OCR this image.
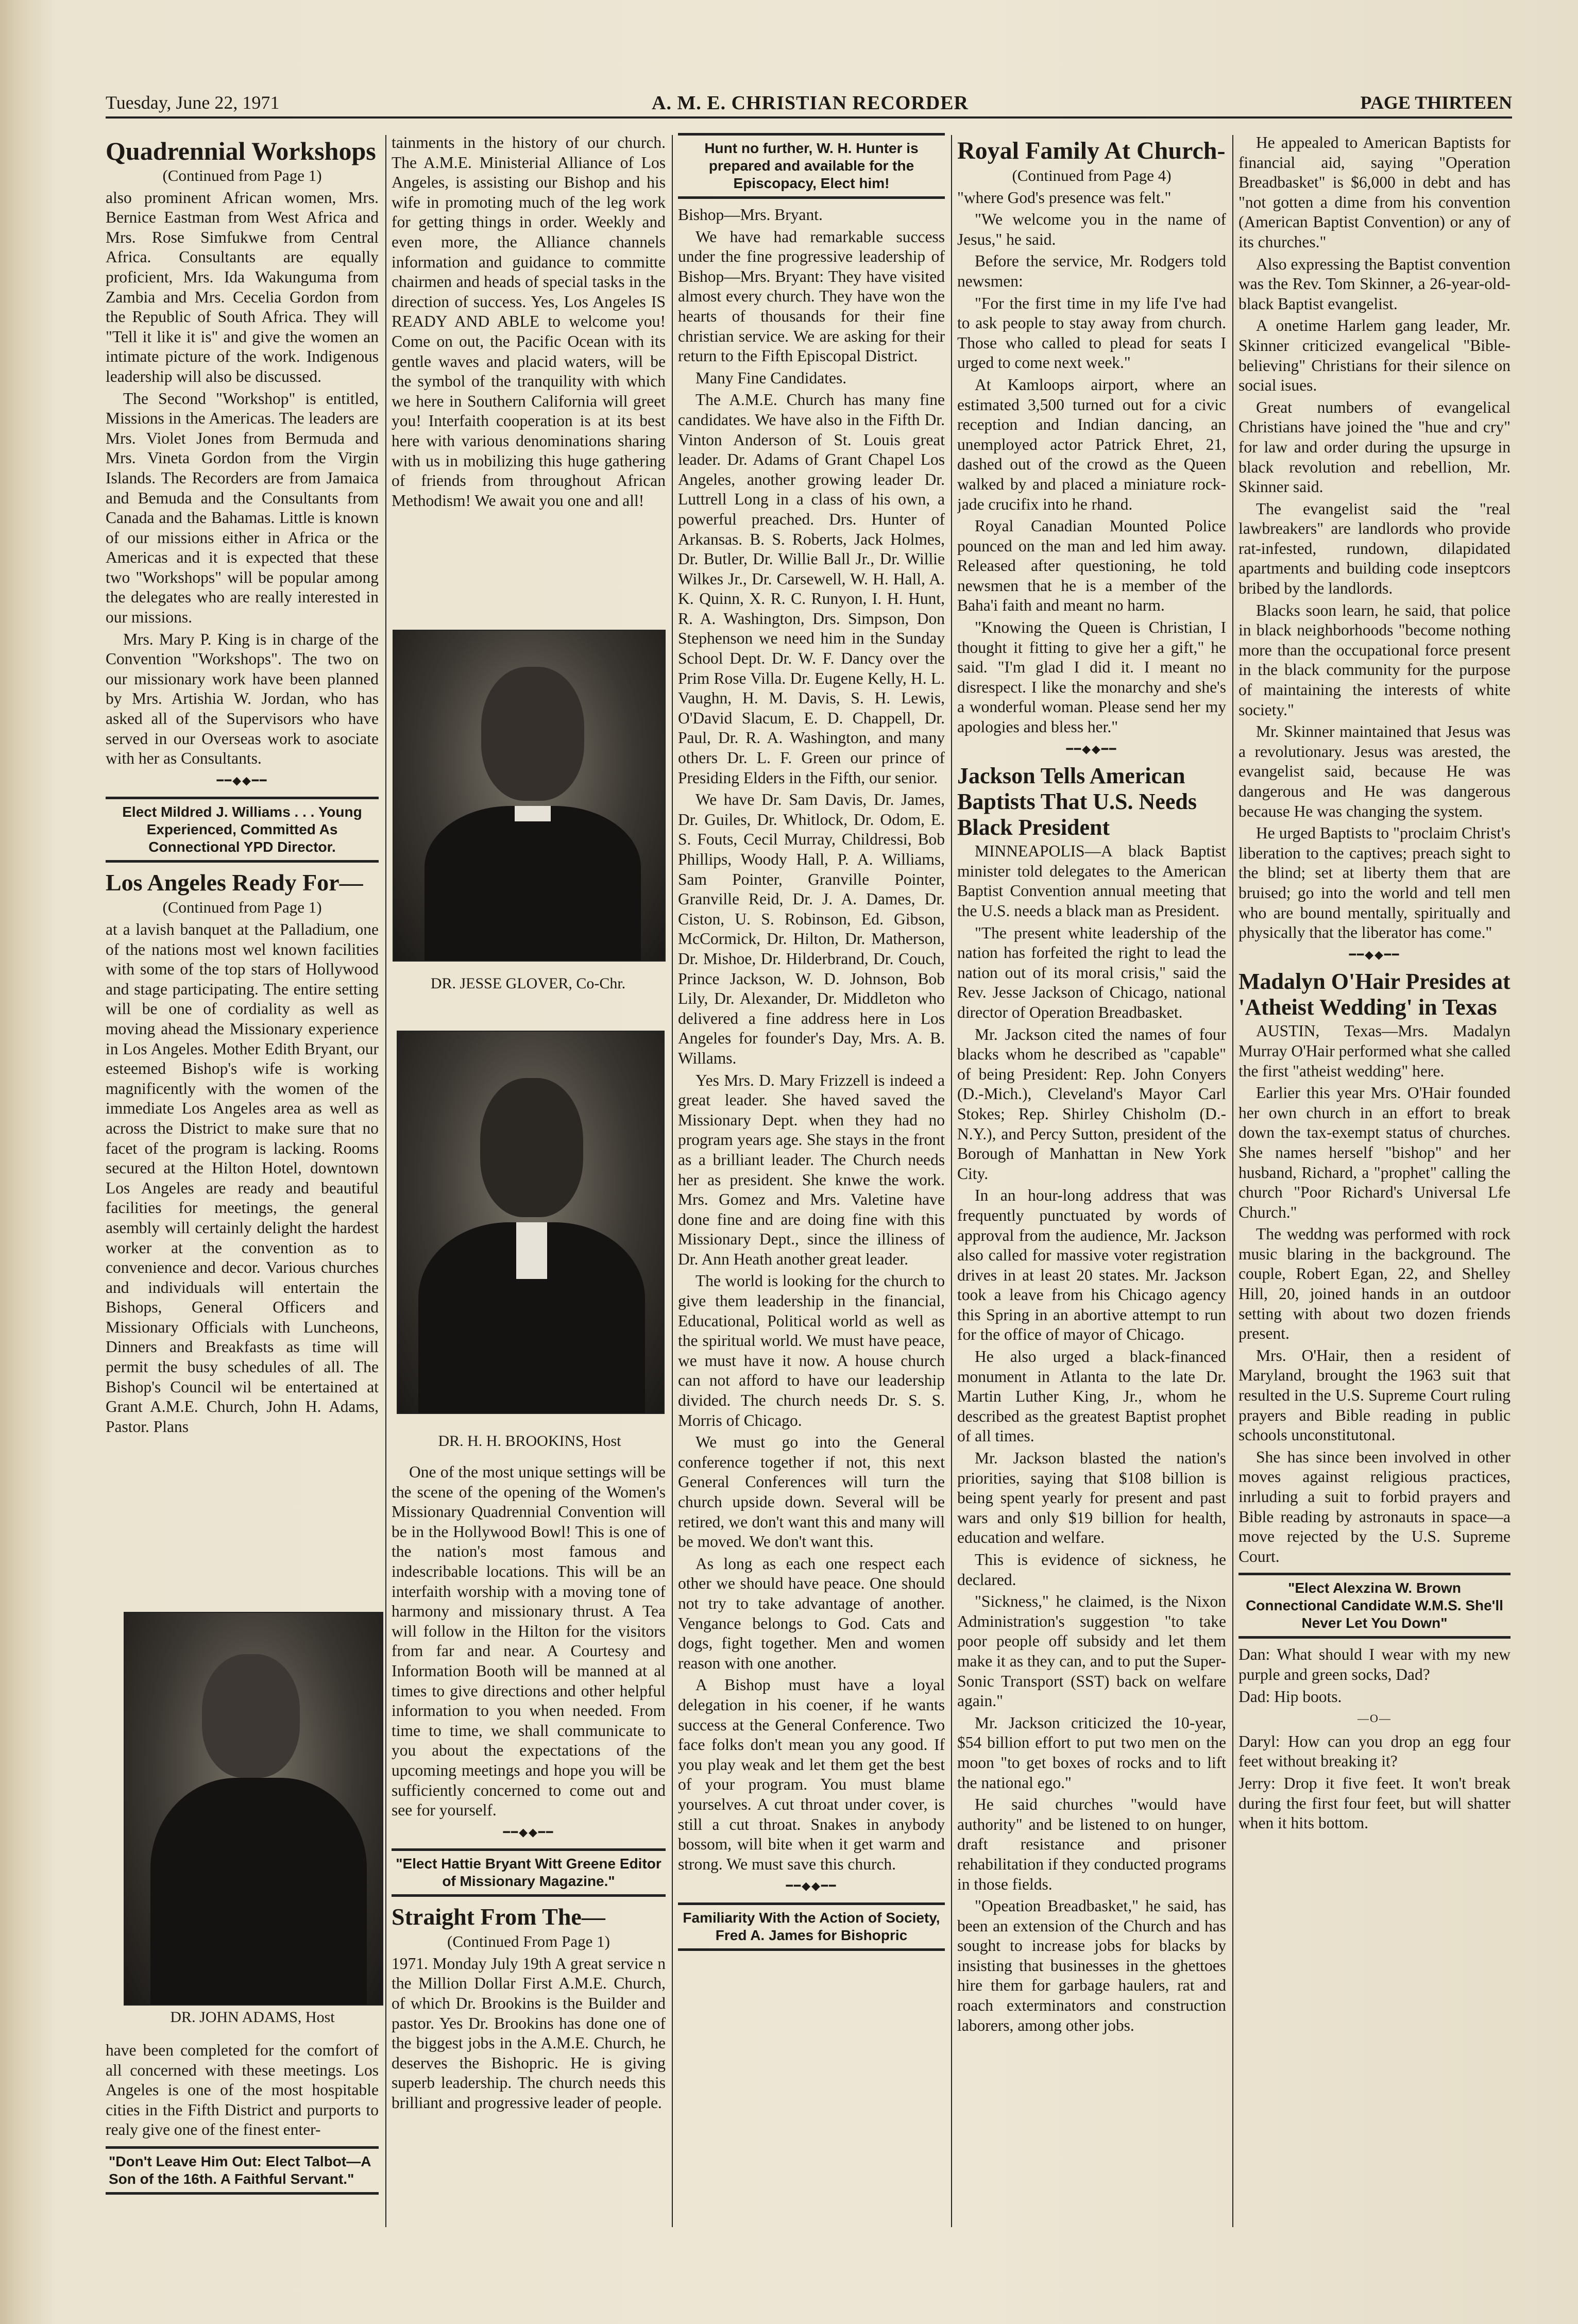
Tuesday, June 22, 1971	A. M. E. CHRISTIAN RECORDER	PAGE THIRTEEN
Quadrennial Workshops
(Continued from Page 1)

also prominent African women, Mrs. Bernice Eastman from West Africa and Mrs. Rose Simfukwe from Central Africa. Consultants are equally proficient, Mrs. Ida Wakunguma from Zambia and Mrs. Cecelia Gordon from the Republic of South Africa. They will "Tell it like it is" and give the women an intimate picture of the work. Indigenous leadership will also be discussed.

The Second "Workshop" is entitled, Missions in the Americas. The leaders are Mrs. Violet Jones from Bermuda and Mrs. Vineta Gordon from the Virgin Islands. The Recorders are from Jamaica and Bemuda and the Consultants from Canada and the Bahamas. Little is known of our missions either in Africa or the Americas and it is expected that these two "Workshops" will be popular among the delegates who are really interested in our missions.

Mrs. Mary P. King is in charge of the Convention "Workshops". The two on our missionary work have been planned by Mrs. Artishia W. Jordan, who has asked all of the Supervisors who have served in our Overseas work to asociate with her as Consultants.

━━◆◆━━
Elect Mildred J. Williams . . . Young Experienced, Committed As Connectional YPD Director.
Los Angeles Ready For—
(Continued from Page 1)

at a lavish banquet at the Palladium, one of the nations most wel known facilities with some of the top stars of Hollywood and stage participating. The entire setting will be one of cordiality as well as moving ahead the Missionary experience in Los Angeles. Mother Edith Bryant, our esteemed Bishop's wife is working magnificently with the women of the immediate Los Angeles area as well as across the District to make sure that no facet of the program is lacking. Rooms secured at the Hilton Hotel, downtown Los Angeles are ready and beautiful facilities for meetings, the general asembly will certainly delight the hardest worker at the convention as to convenience and decor. Various churches and individuals will entertain the Bishops, General Officers and Missionary Officials with Luncheons, Dinners and Breakfasts as time will permit the busy schedules of all. The Bishop's Council wil be entertained at Grant A.M.E. Church, John H. Adams, Pastor. Plans

DR. JOHN ADAMS, Host

have been completed for the comfort of all concerned with these meetings. Los Angeles is one of the most hospitable cities in the Fifth District and purports to realy give one of the finest enter-

"Don't Leave Him Out: Elect Talbot—A Son of the 16th. A Faithful Servant."

tainments in the history of our church. The A.M.E. Ministerial Alliance of Los Angeles, is assisting our Bishop and his wife in promoting much of the leg work for getting things in order. Weekly and even more, the Alliance channels information and guidance to committe chairmen and heads of special tasks in the direction of success. Yes, Los Angeles IS READY AND ABLE to welcome you! Come on out, the Pacific Ocean with its gentle waves and placid waters, will be the symbol of the tranquility with which we here in Southern California will greet you! Interfaith cooperation is at its best here with various denominations sharing with us in mobilizing this huge gathering of friends from throughout African Methodism! We await you one and all!

DR. JESSE GLOVER, Co-Chr.
DR. H. H. BROOKINS, Host

One of the most unique settings will be the scene of the opening of the Women's Missionary Quadrennial Convention will be in the Hollywood Bowl! This is one of the nation's most famous and indescribable locations. This will be an interfaith worship with a moving tone of harmony and missionary thrust. A Tea will follow in the Hilton for the visitors from far and near. A Courtesy and Information Booth will be manned at al times to give directions and other helpful information to you when needed. From time to time, we shall communicate to you about the expectations of the upcoming meetings and hope you will be sufficiently concerned to come out and see for yourself.

━━◆◆━━
"Elect Hattie Bryant Witt Greene Editor of Missionary Magazine."
Straight From The—
(Continued From Page 1)

1971. Monday July 19th A great service n the Million Dollar First A.M.E. Church, of which Dr. Brookins is the Builder and pastor. Yes Dr. Brookins has done one of the biggest jobs in the A.M.E. Church, he deserves the Bishopric. He is giving superb leadership. The church needs this brilliant and progressive leader of people.

Hunt no further, W. H. Hunter is prepared and available for the Episcopacy, Elect him!

Bishop—Mrs. Bryant.

We have had remarkable success under the fine progressive leadership of Bishop—Mrs. Bryant: They have visited almost every church. They have won the hearts of thousands for their fine christian service. We are asking for their return to the Fifth Episcopal District.

Many Fine Candidates.

The A.M.E. Church has many fine candidates. We have also in the Fifth Dr. Vinton Anderson of St. Louis great leader. Dr. Adams of Grant Chapel Los Angeles, another growing leader Dr. Luttrell Long in a class of his own, a powerful preached. Drs. Hunter of Arkansas. B. S. Roberts, Jack Holmes, Dr. Butler, Dr. Willie Ball Jr., Dr. Willie Wilkes Jr., Dr. Carsewell, W. H. Hall, A. K. Quinn, X. R. C. Runyon, I. H. Hunt, R. A. Washington, Drs. Simpson, Don Stephenson we need him in the Sunday School Dept. Dr. W. F. Dancy over the Prim Rose Villa. Dr. Eugene Kelly, H. L. Vaughn, H. M. Davis, S. H. Lewis, O'David Slacum, E. D. Chappell, Dr. Paul, Dr. R. A. Washington, and many others Dr. L. F. Green our prince of Presiding Elders in the Fifth, our senior.

We have Dr. Sam Davis, Dr. James, Dr. Guiles, Dr. Whitlock, Dr. Odom, E. S. Fouts, Cecil Murray, Childressi, Bob Phillips, Woody Hall, P. A. Williams, Sam Pointer, Granville Pointer, Granville Reid, Dr. J. A. Dames, Dr. Ciston, U. S. Robinson, Ed. Gibson, McCormick, Dr. Hilton, Dr. Matherson, Dr. Mishoe, Dr. Hilderbrand, Dr. Couch, Prince Jackson, W. D. Johnson, Bob Lily, Dr. Alexander, Dr. Middleton who delivered a fine address here in Los Angeles for founder's Day, Mrs. A. B. Willams.

Yes Mrs. D. Mary Frizzell is indeed a great leader. She haved saved the Missionary Dept. when they had no program years age. She stays in the front as a brilliant leader. The Church needs her as president. She knwe the work. Mrs. Gomez and Mrs. Valetine have done fine and are doing fine with this Missionary Dept., since the illiness of Dr. Ann Heath another great leader.

The world is looking for the church to give them leadership in the financial, Educational, Political world as well as the spiritual world. We must have peace, we must have it now. A house church can not afford to have our leadership divided. The church needs Dr. S. S. Morris of Chicago.

We must go into the General conference together if not, this next General Conferences will turn the church upside down. Several will be retired, we don't want this and many will be moved. We don't want this.

As long as each one respect each other we should have peace. One should not try to take advantage of another. Vengance belongs to God. Cats and dogs, fight together. Men and women reason with one another.

A Bishop must have a loyal delegation in his coener, if he wants success at the General Conference. Two face folks don't mean you any good. If you play weak and let them get the best of your program. You must blame yourselves. A cut throat under cover, is still a cut throat. Snakes in anybody bossom, will bite when it get warm and strong. We must save this church.

━━◆◆━━
Familiarity With the Action of Society, Fred A. James for Bishopric
Royal Family At Church-
(Continued from Page 4)

"where God's presence was felt."

"We welcome you in the name of Jesus," he said.

Before the service, Mr. Rodgers told newsmen:

"For the first time in my life I've had to ask people to stay away from church. Those who called to plead for seats I urged to come next week."

At Kamloops airport, where an estimated 3,500 turned out for a civic reception and Indian dancing, an unemployed actor Patrick Ehret, 21, dashed out of the crowd as the Queen walked by and placed a miniature rock-jade crucifix into he rhand.

Royal Canadian Mounted Police pounced on the man and led him away. Released after questioning, he told newsmen that he is a member of the Baha'i faith and meant no harm.

"Knowing the Queen is Christian, I thought it fitting to give her a gift," he said. "I'm glad I did it. I meant no disrespect. I like the monarchy and she's a wonderful woman. Please send her my apologies and bless her."

━━◆◆━━
Jackson Tells American Baptists That U.S. Needs Black President

MINNEAPOLIS—A black Baptist minister told delegates to the American Baptist Convention annual meeting that the U.S. needs a black man as President.

"The present white leadership of the nation has forfeited the right to lead the nation out of its moral crisis," said the Rev. Jesse Jackson of Chicago, national director of Operation Breadbasket.

Mr. Jackson cited the names of four blacks whom he described as "capable" of being President: Rep. John Conyers (D.-Mich.), Cleveland's Mayor Carl Stokes; Rep. Shirley Chisholm (D.-N.Y.), and Percy Sutton, president of the Borough of Manhattan in New York City.

In an hour-long address that was frequently punctuated by words of approval from the audience, Mr. Jackson also called for massive voter registration drives in at least 20 states. Mr. Jackson took a leave from his Chicago agency this Spring in an abortive attempt to run for the office of mayor of Chicago.

He also urged a black-financed monument in Atlanta to the late Dr. Martin Luther King, Jr., whom he described as the greatest Baptist prophet of all times.

Mr. Jackson blasted the nation's priorities, saying that $108 billion is being spent yearly for present and past wars and only $19 billion for health, education and welfare.

This is evidence of sickness, he declared.

"Sickness," he claimed, is the Nixon Administration's suggestion "to take poor people off subsidy and let them make it as they can, and to put the Super-Sonic Transport (SST) back on welfare again."

Mr. Jackson criticized the 10-year, $54 billion effort to put two men on the moon "to get boxes of rocks and to lift the national ego."

He said churches "would have authority" and be listened to on hunger, draft resistance and prisoner rehabilitation if they conducted programs in those fields.

"Opeation Breadbasket," he said, has been an extension of the Church and has sought to increase jobs for blacks by insisting that businesses in the ghettoes hire them for garbage haulers, rat and roach exterminators and construction laborers, among other jobs.

He appealed to American Baptists for financial aid, saying "Operation Breadbasket" is $6,000 in debt and has "not gotten a dime from his convention (American Baptist Convention) or any of its churches."

Also expressing the Baptist convention was the Rev. Tom Skinner, a 26-year-old-black Baptist evangelist.

A onetime Harlem gang leader, Mr. Skinner criticized evangelical "Bible-believing" Christians for their silence on social isues.

Great numbers of evangelical Christians have joined the "hue and cry" for law and order during the upsurge in black revolution and rebellion, Mr. Skinner said.

The evangelist said the "real lawbreakers" are landlords who provide rat-infested, rundown, dilapidated apartments and building code inseptcors bribed by the landlords.

Blacks soon learn, he said, that police in black neighborhoods "become nothing more than the occupational force present in the black community for the purpose of maintaining the interests of white society."

Mr. Skinner maintained that Jesus was a revolutionary. Jesus was arested, the evangelist said, because He was dangerous and He was dangerous because He was changing the system.

He urged Baptists to "proclaim Christ's liberation to the captives; preach sight to the blind; set at liberty them that are bruised; go into the world and tell men who are bound mentally, spiritually and physically that the liberator has come."

━━◆◆━━
Madalyn O'Hair Presides at 'Atheist Wedding' in Texas

AUSTIN, Texas—Mrs. Madalyn Murray O'Hair performed what she called the first "atheist wedding" here.

Earlier this year Mrs. O'Hair founded her own church in an effort to break down the tax-exempt status of churches. She names herself "bishop" and her husband, Richard, a "prophet" calling the church "Poor Richard's Universal Lfe Church."

The weddng was performed with rock music blaring in the background. The couple, Robert Egan, 22, and Shelley Hill, 20, joined hands in an outdoor setting with about two dozen friends present.

Mrs. O'Hair, then a resident of Maryland, brought the 1963 suit that resulted in the U.S. Supreme Court ruling prayers and Bible reading in public schools unconstitutonal.

She has since been involved in other moves against religious practices, inrluding a suit to forbid prayers and Bible reading by astronauts in space—a move rejected by the U.S. Supreme Court.

"Elect Alexzina W. Brown Connectional Candidate W.M.S. She'll Never Let You Down"

Dan: What should I wear with my new purple and green socks, Dad?

Dad: Hip boots.

—O—

Daryl: How can you drop an egg four feet without breaking it?

Jerry: Drop it five feet. It won't break during the first four feet, but will shatter when it hits bottom.
